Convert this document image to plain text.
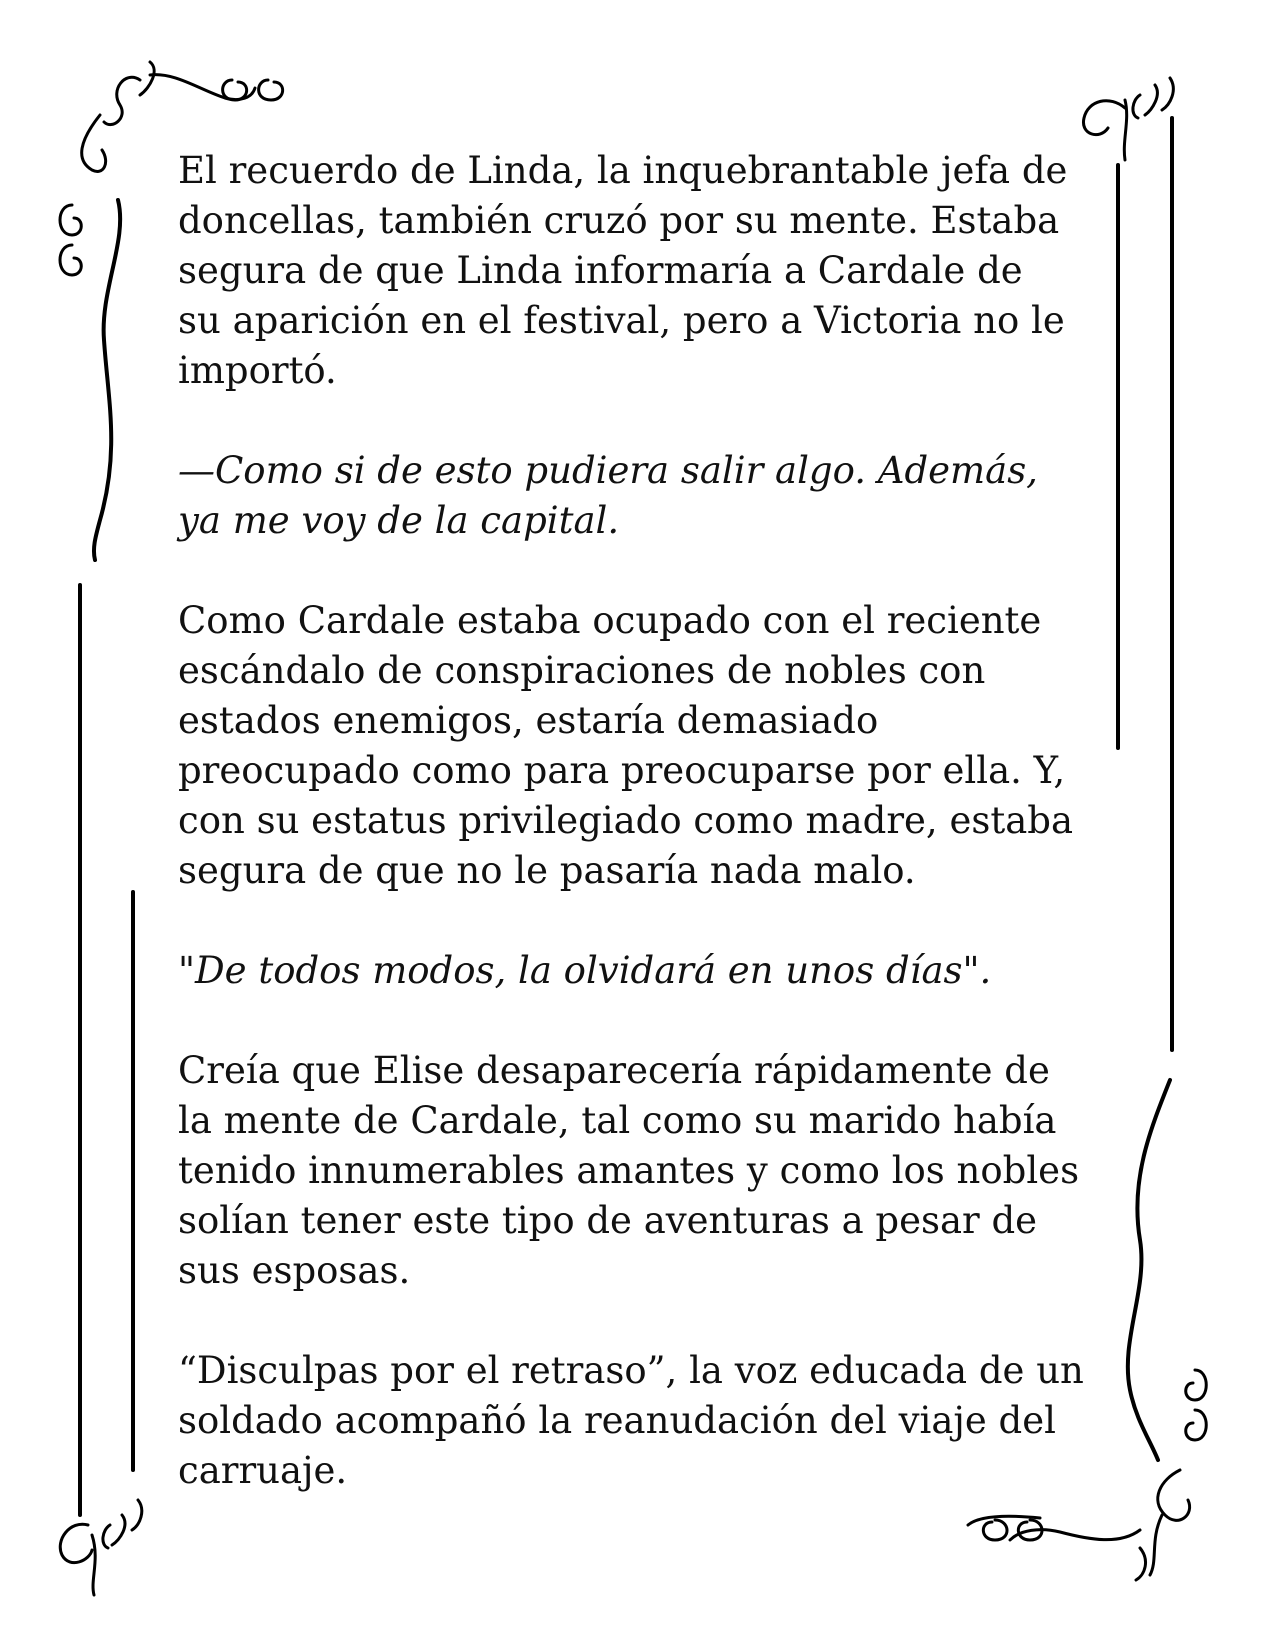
El recuerdo de Linda, la inquebrantable jefa de
doncellas, también cruzó por su mente. Estaba
segura de que Linda informaría a Cardale de
su aparición en el festival, pero a Victoria no le
importó.

—Como si de esto pudiera salir algo. Además,
ya me voy de la capital.

Como Cardale estaba ocupado con el reciente
escándalo de conspiraciones de nobles con
estados enemigos, estaría demasiado
preocupado como para preocuparse por ella. Y,
con su estatus privilegiado como madre, estaba
segura de que no le pasaría nada malo.

"De todos modos, la olvidará en unos días".

Creía que Elise desaparecería rápidamente de
la mente de Cardale, tal como su marido había
tenido innumerables amantes y como los nobles
solían tener este tipo de aventuras a pesar de
sus esposas.

“Disculpas por el retraso”, la voz educada de un
soldado acompañó la reanudación del viaje del
carruaje.
